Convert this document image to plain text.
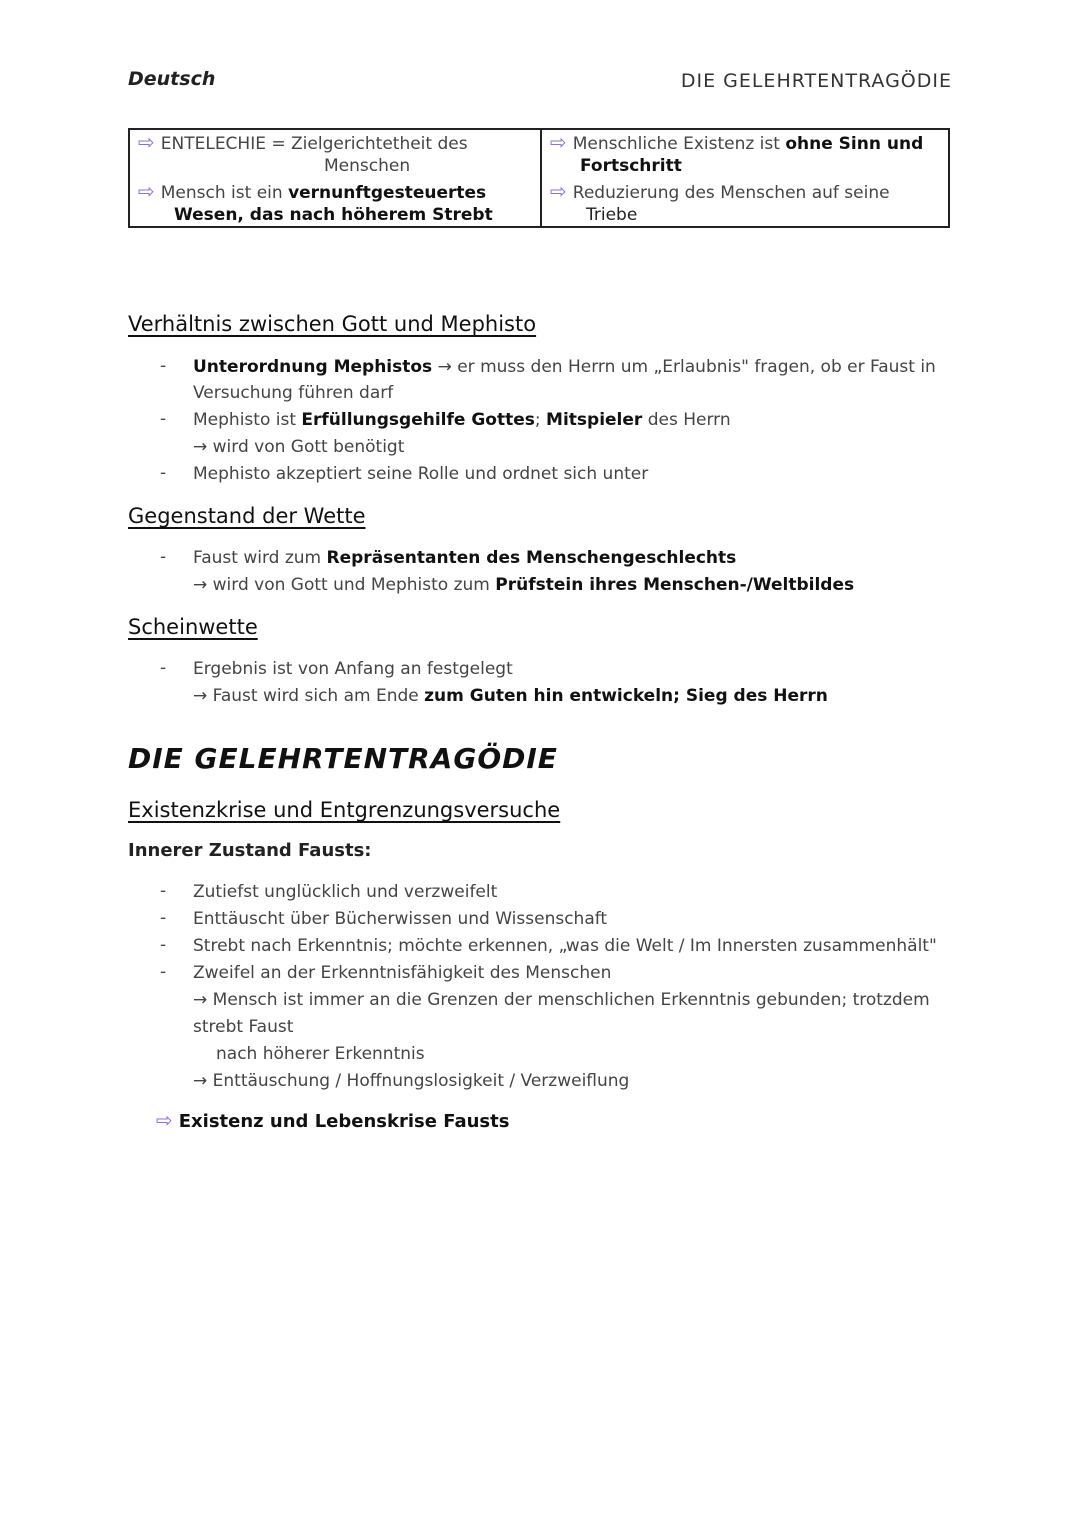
Deutsch	DIE GELEHRTENTRAGÖDIE
⇨ ENTELECHIE = Zielgerichtetheit des
Menschen
⇨ Mensch ist ein vernunftgesteuertes
Wesen, das nach höherem Strebt
⇨ Menschliche Existenz ist ohne Sinn und
Fortschritt
⇨ Reduzierung des Menschen auf seine
Triebe
Verhältnis zwischen Gott und Mephisto
- Unterordnung Mephistos → er muss den Herrn um „Erlaubnis" fragen, ob er Faust in
Versuchung führen darf
- Mephisto ist Erfüllungsgehilfe Gottes; Mitspieler des Herrn
→ wird von Gott benötigt
- Mephisto akzeptiert seine Rolle und ordnet sich unter
Gegenstand der Wette
- Faust wird zum Repräsentanten des Menschengeschlechts
→ wird von Gott und Mephisto zum Prüfstein ihres Menschen-/Weltbildes
Scheinwette
- Ergebnis ist von Anfang an festgelegt
→ Faust wird sich am Ende zum Guten hin entwickeln; Sieg des Herrn
DIE GELEHRTENTRAGÖDIE
Existenzkrise und Entgrenzungsversuche
Innerer Zustand Fausts:
- Zutiefst unglücklich und verzweifelt
- Enttäuscht über Bücherwissen und Wissenschaft
- Strebt nach Erkenntnis; möchte erkennen, „was die Welt / Im Innersten zusammenhält"
- Zweifel an der Erkenntnisfähigkeit des Menschen
→ Mensch ist immer an die Grenzen der menschlichen Erkenntnis gebunden; trotzdem
strebt Faust
nach höherer Erkenntnis
→ Enttäuschung / Hoffnungslosigkeit / Verzweiflung
⇨ Existenz und Lebenskrise Fausts
